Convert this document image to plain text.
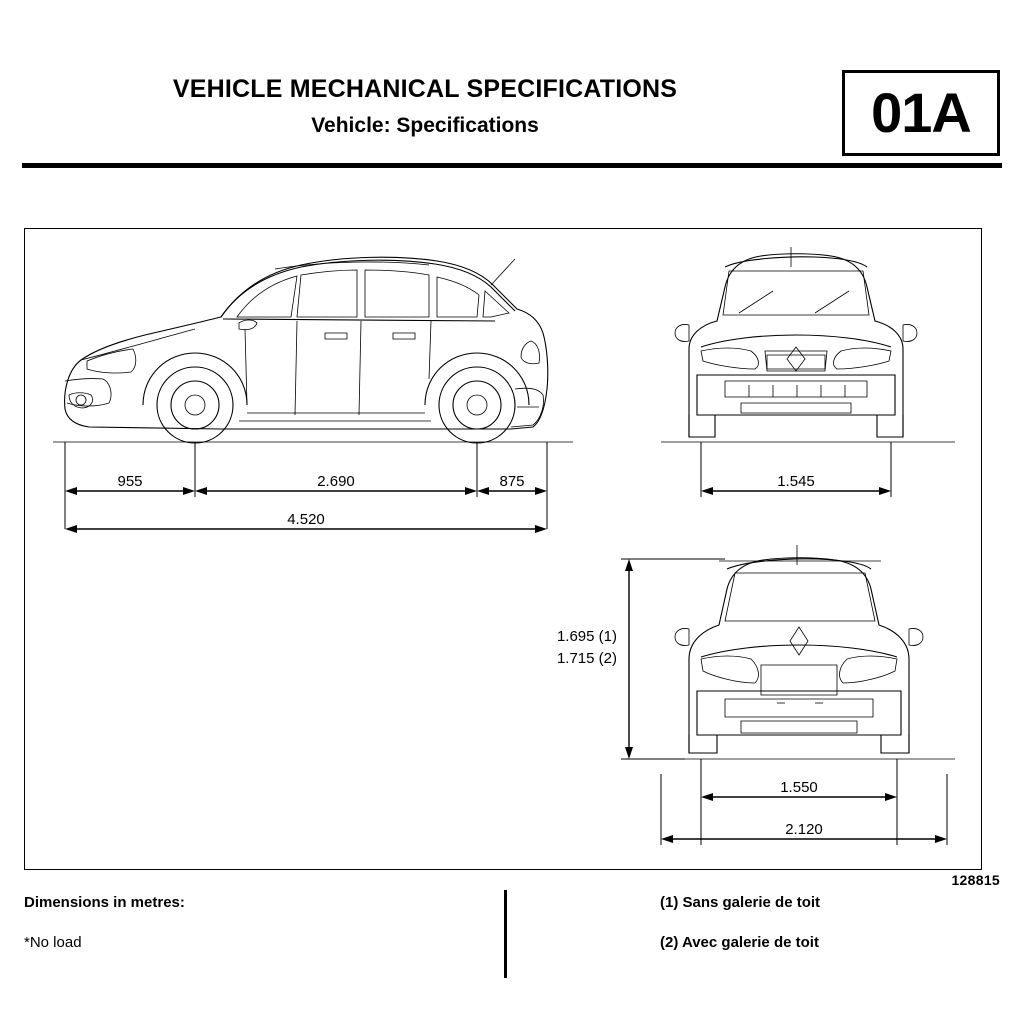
VEHICLE MECHANICAL SPECIFICATIONS
Vehicle: Specifications	01A
955	2.690	875
4.520
1.545
1.695 (1)
1.715 (2)
1.550
2.120
128815
Dimensions in metres:
*No load
(1) Sans galerie de toit
(2) Avec galerie de toit
